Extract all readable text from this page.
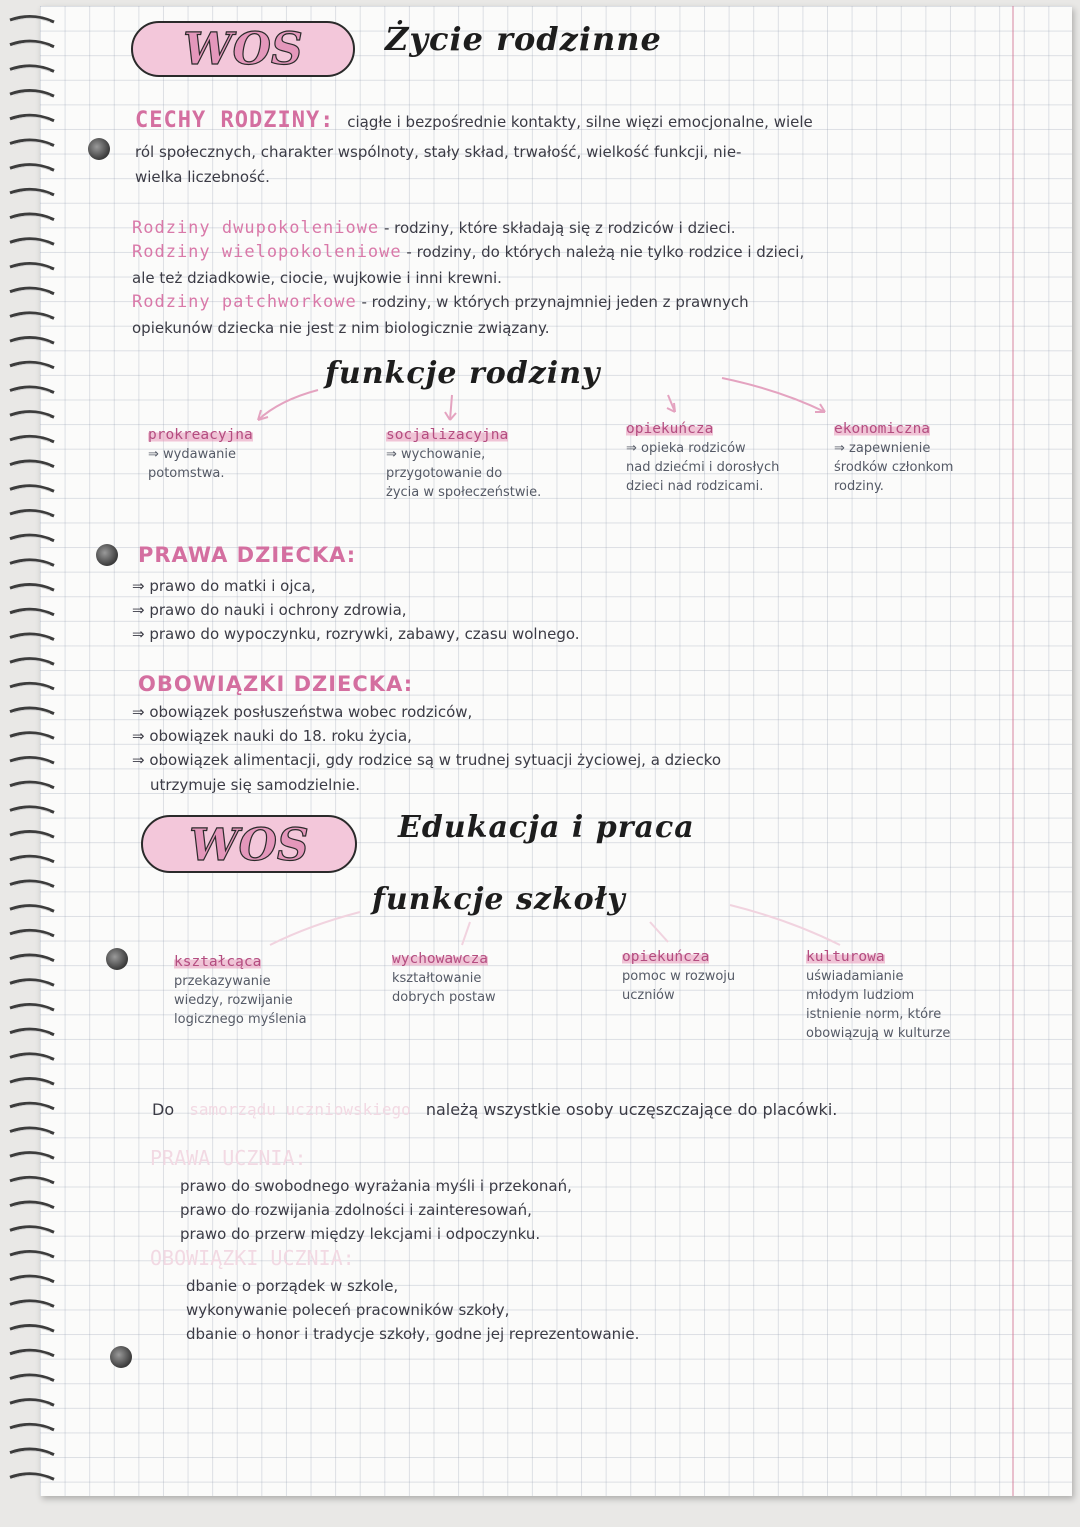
WOS	Życie rodzinne
CECHY RODZINY: ciągłe i bezpośrednie kontakty, silne więzi emocjonalne, wiele
ról społecznych, charakter wspólnoty, stały skład, trwałość, wielkość funkcji, nie-
wielka liczebność.
Rodziny dwupokoleniowe - rodziny, które składają się z rodziców i dzieci.
Rodziny wielopokoleniowe - rodziny, do których należą nie tylko rodzice i dzieci,
ale też dziadkowie, ciocie, wujkowie i inni krewni.
Rodziny patchworkowe - rodziny, w których przynajmniej jeden z prawnych
opiekunów dziecka nie jest z nim biologicznie związany.
funkcje rodziny
prokreacyjna
⇒ wydawanie
potomstwa.
socjalizacyjna
⇒ wychowanie,
przygotowanie do
życia w społeczeństwie.
opiekuńcza
⇒ opieka rodziców
nad dziećmi i dorosłych
dzieci nad rodzicami.
ekonomiczna
⇒ zapewnienie
środków członkom
rodziny.
PRAWA DZIECKA:
⇒ prawo do matki i ojca,
⇒ prawo do nauki i ochrony zdrowia,
⇒ prawo do wypoczynku, rozrywki, zabawy, czasu wolnego.
OBOWIĄZKI DZIECKA:
⇒ obowiązek posłuszeństwa wobec rodziców,
⇒ obowiązek nauki do 18. roku życia,
⇒ obowiązek alimentacji, gdy rodzice są w trudnej sytuacji życiowej, a dziecko
utrzymuje się samodzielnie.
WOS	Edukacja i praca
funkcje szkoły
kształcąca
przekazywanie
wiedzy, rozwijanie
logicznego myślenia
wychowawcza
kształtowanie
dobrych postaw
opiekuńcza
pomoc w rozwoju
uczniów
kulturowa
uświadamianie
młodym ludziom
istnienie norm, które
obowiązują w kulturze
Do samorządu uczniowskiego należą wszystkie osoby uczęszczające do placówki.
PRAWA UCZNIA:
prawo do swobodnego wyrażania myśli i przekonań,
prawo do rozwijania zdolności i zainteresowań,
prawo do przerw między lekcjami i odpoczynku.
OBOWIĄZKI UCZNIA:
dbanie o porządek w szkole,
wykonywanie poleceń pracowników szkoły,
dbanie o honor i tradycje szkoły, godne jej reprezentowanie.
